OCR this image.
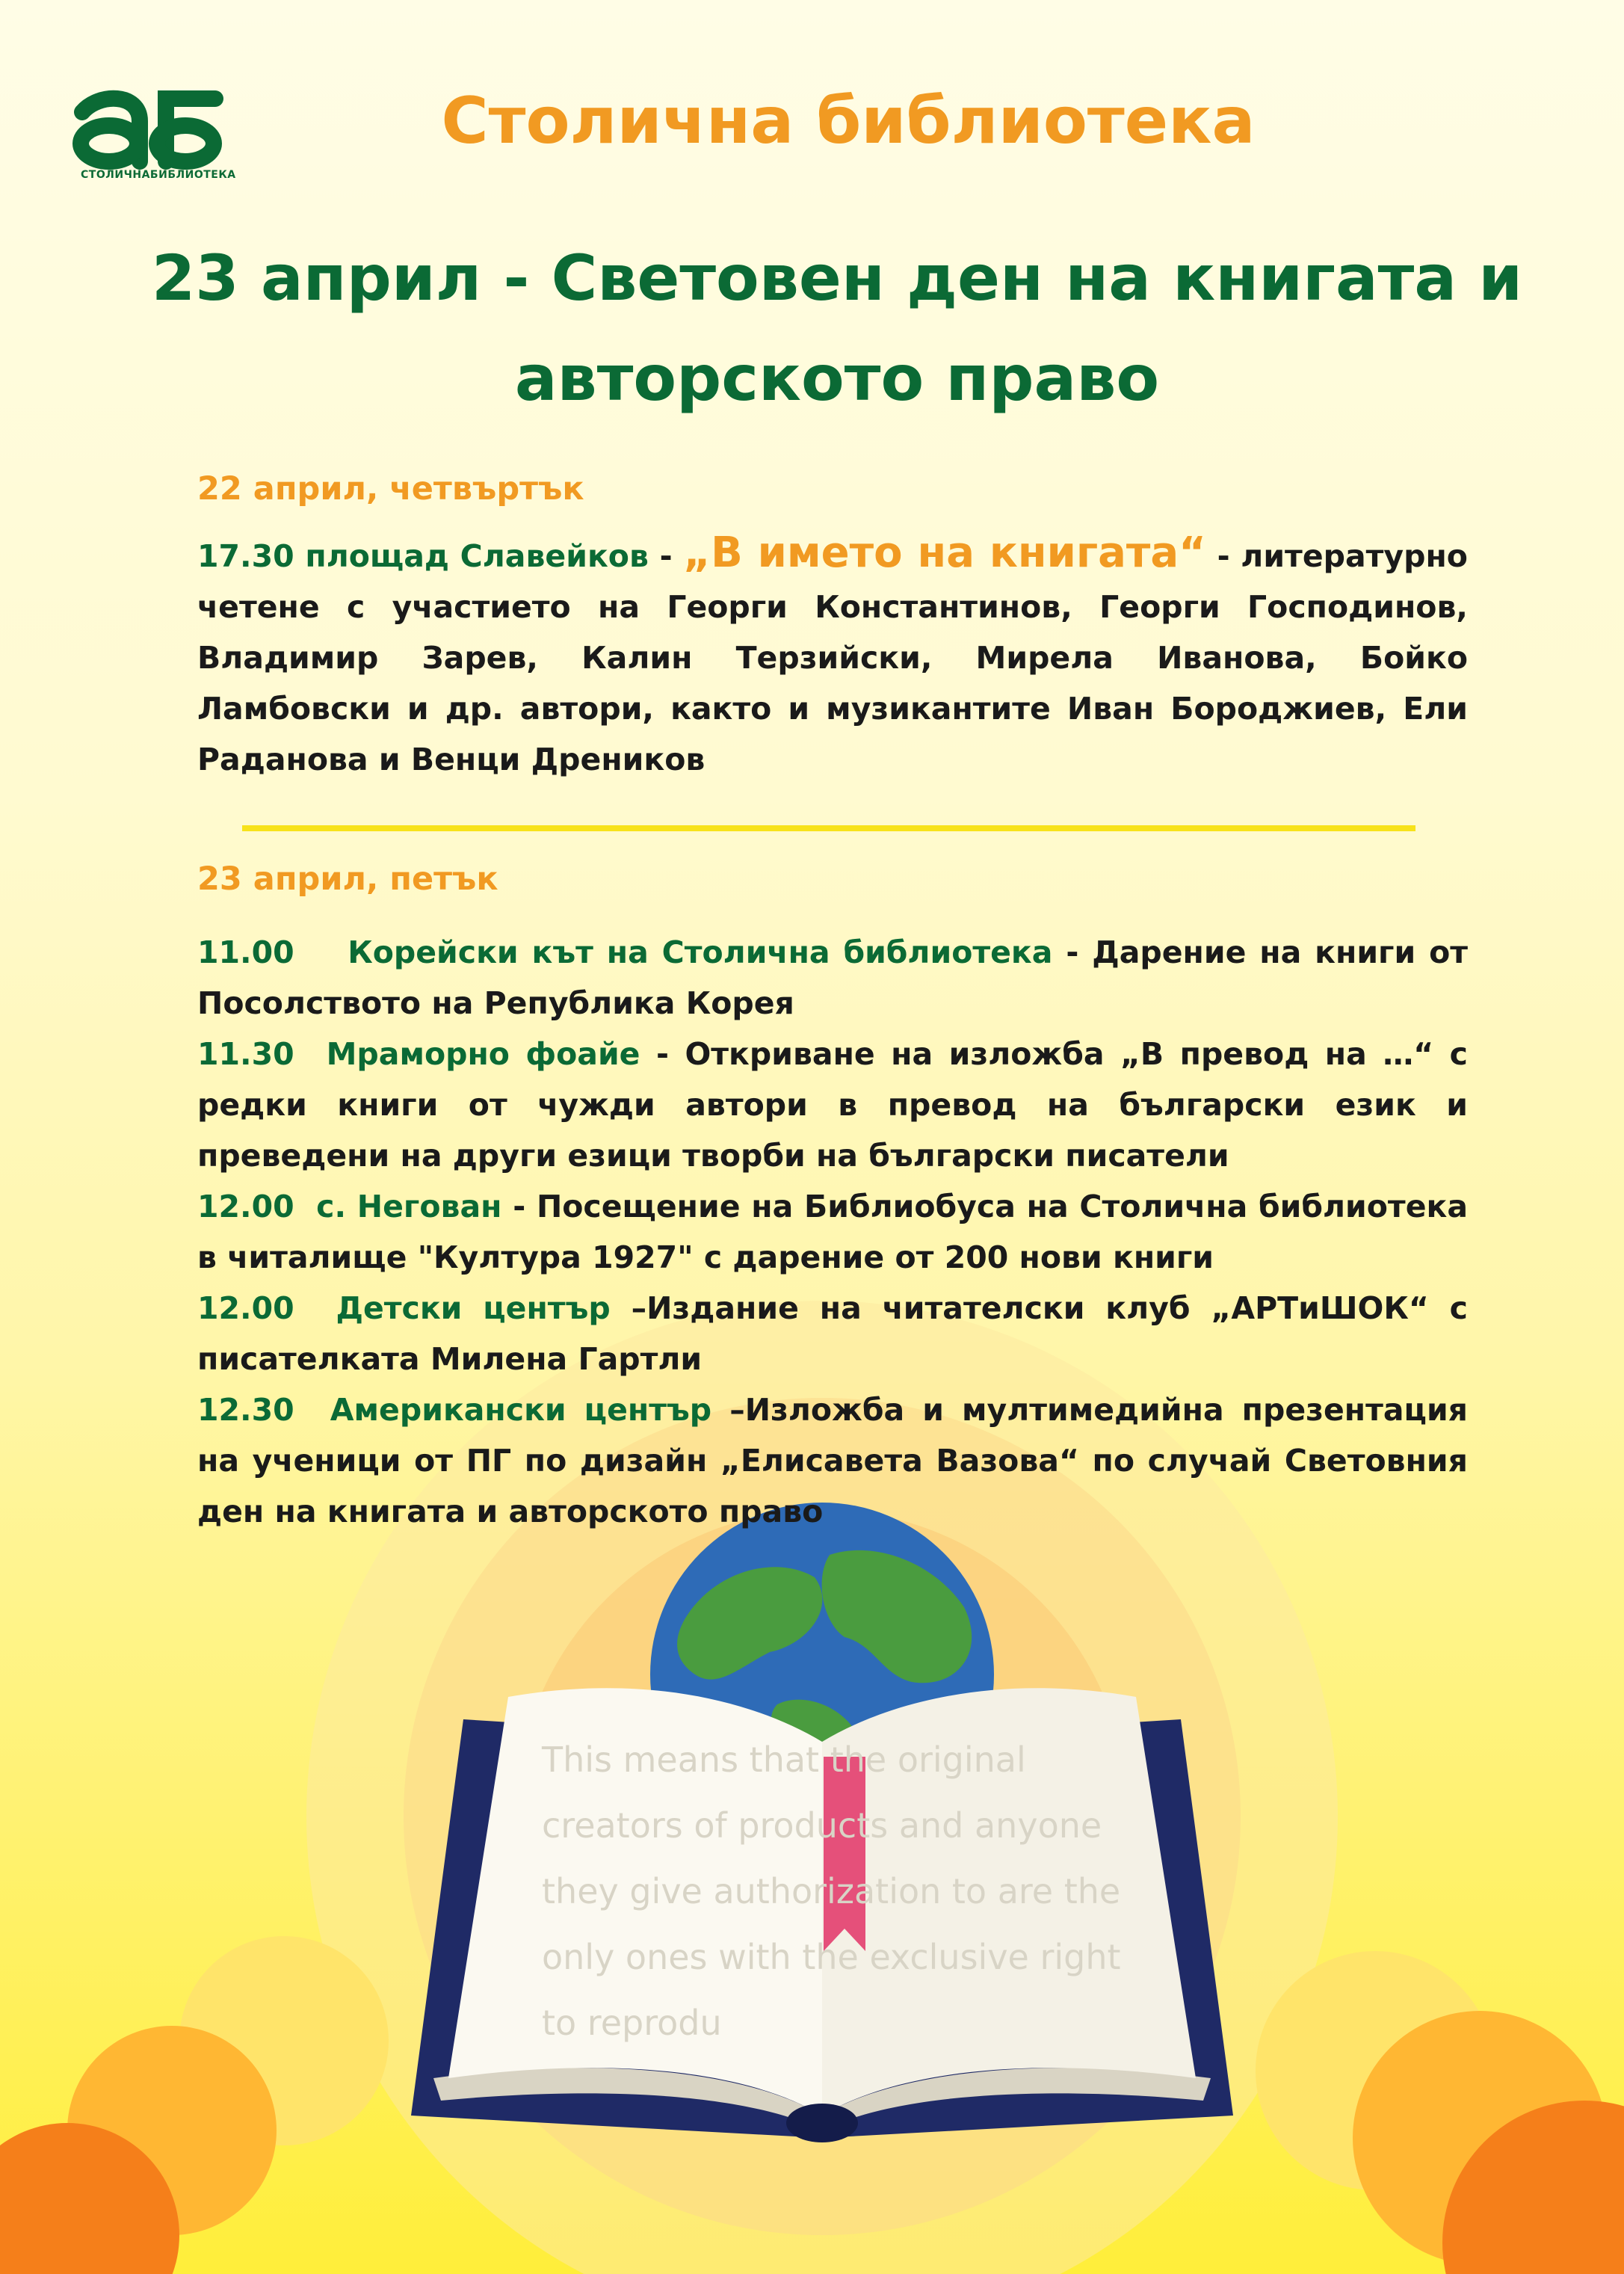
This means that the original
creators of products and anyone
they give authorization to are the
only ones with the exclusive right
to reprodu
СТОЛИЧНАБИБЛИОТЕКА
Столична библиотека
23 април - Световен ден на книгата и
авторското право
22 април, четвъртък

17.30 площад Славейков - „В името на книгата“ - литературно четене с участието на Георги Константинов, Георги Господинов, Владимир Зарев, Калин Терзийски, Мирела Иванова, Бойко Ламбовски и др. автори, както и музикантите Иван Бороджиев, Ели Раданова и Венци Дреников

23 април, петък

11.00    Корейски кът на Столична библиотека - Дарение на книги от Посолството на Република Корея

11.30  Мраморно фоайе - Откриване на изложба „В превод на …“ с редки книги от чужди автори в превод на български език и преведени на други езици творби на български писатели

12.00  с. Негован - Посещение на Библиобуса на Столична библиотека в читалище "Култура 1927" с дарение от 200 нови книги

12.00  Детски център –Издание на читателски клуб „АРТиШОК“ с писателката Милена Гартли

12.30  Американски център –Изложба и мултимедийна презентация на ученици от ПГ по дизайн „Елисавета Вазова“ по случай Световния ден на книгата и авторското право
